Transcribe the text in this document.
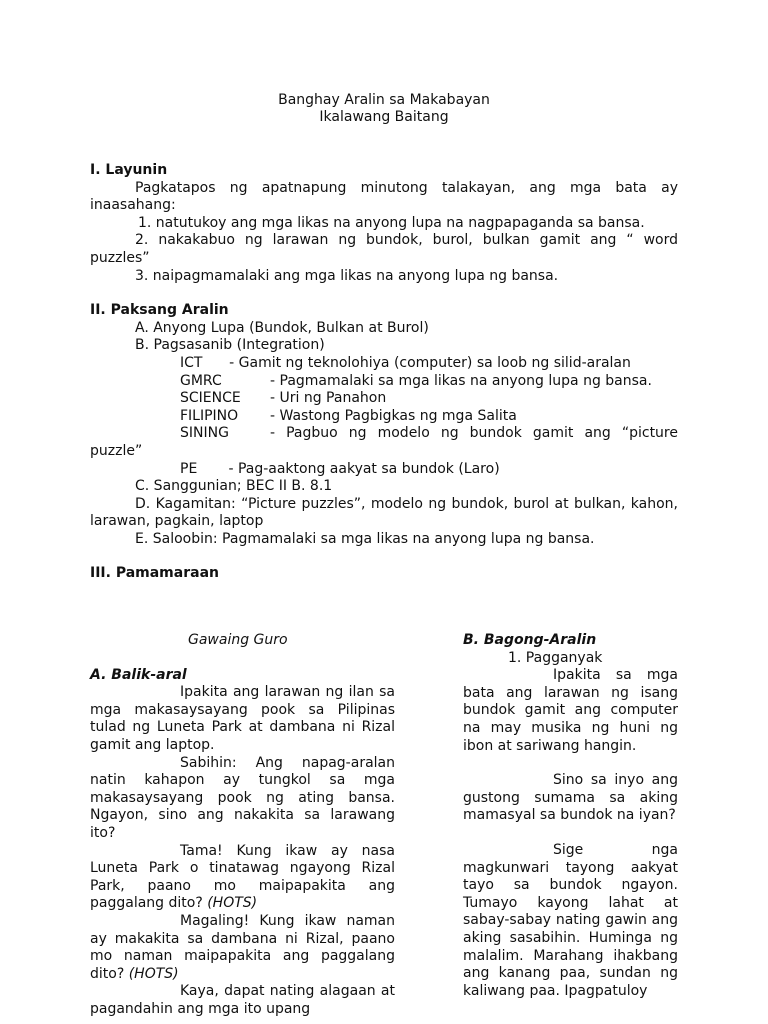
Banghay Aralin sa Makabayan
Ikalawang Baitang

I. Layunin

Pagkatapos ng apatnapung minutong talakayan, ang mga bata ay inaasahang:

1. natutukoy ang mga likas na anyong lupa na nagpapaganda sa bansa.

2. nakakabuo ng larawan ng bundok, burol, bulkan gamit ang “ word puzzles”

3. naipagmamalaki ang mga likas na anyong lupa ng bansa.

II. Paksang Aralin

A. Anyong Lupa (Bundok, Bulkan at Burol)

B. Pagsasanib (Integration)

ICT      - Gamit ng teknolohiya (computer) sa loob ng silid-aralan

GMRC	- Pagmamalaki sa mga likas na anyong lupa ng bansa.

SCIENCE	- Uri ng Panahon
FILIPINO	- Wastong Pagbigkas ng mga Salita

SINING	- Pagbuo ng modelo ng bundok gamit ang “picture puzzle”

PE       - Pag-aaktong aakyat sa bundok (Laro)

C. Sanggunian; BEC II B. 8.1

D. Kagamitan: “Picture puzzles”, modelo ng bundok, burol at bulkan, kahon, larawan, pagkain, laptop

E. Saloobin: Pagmamalaki sa mga likas na anyong lupa ng bansa.

III. Pamamaraan

Gawaing Guro

A. Balik-aral

Ipakita ang larawan ng ilan sa mga makasaysayang pook sa Pilipinas tulad ng Luneta Park at dambana ni Rizal gamit ang laptop.

Sabihin: Ang napag-aralan natin kahapon ay tungkol sa mga makasaysayang pook ng ating bansa. Ngayon, sino ang nakakita sa larawang ito?

Tama! Kung ikaw ay nasa Luneta Park o tinatawag ngayong Rizal Park, paano mo maipapakita ang paggalang dito? (HOTS)

Magaling! Kung ikaw naman ay makakita sa dambana ni Rizal, paano mo naman maipapakita ang paggalang dito? (HOTS)

Kaya, dapat nating alagaan at pagandahin ang mga ito upang

B. Bagong-Aralin

1. Pagganyak

Ipakita sa mga bata ang larawan ng isang bundok gamit ang computer na may musika ng huni ng ibon at sariwang hangin.

Sino sa inyo ang gustong sumama sa aking mamasyal sa bundok na iyan?

Sige nga magkunwari tayong aakyat tayo sa bundok ngayon. Tumayo kayong lahat at sabay-sabay nating gawin ang aking sasabihin. Huminga ng malalim. Marahang ihakbang ang kanang paa, sundan ng kaliwang paa. Ipagpatuloy
